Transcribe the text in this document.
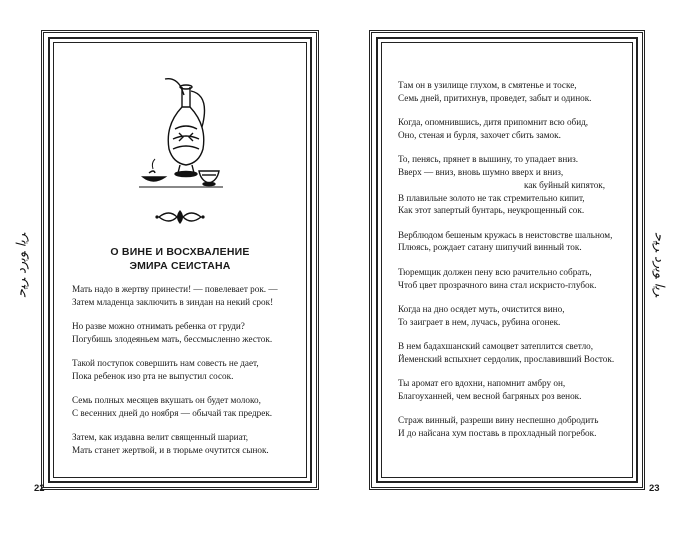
ﺮﻳﺍ ﻮﺑﺭﺩ ﺮﻴﺣ	О ВИНЕ И ВОСХВАЛЕНИЕ
ЭМИРА СЕИСТАНА
Мать надо в жертву принести! — повелевает рок. —
Затем младенца заключить в зиндан на некий срок!
Но разве можно отнимать ребенка от груди?
Погубишь злодеяньем мать, бессмысленно жесток.
Такой поступок совершить нам совесть не дает,
Пока ребенок изо рта не выпустил сосок.
Семь полных месяцев вкушать он будет молоко,
С весенних дней до ноября — обычай так предрек.
Затем, как издавна велит священный шариат,
Мать станет жертвой, и в тюрьме очутится сынок.
22
Там он в узилище глухом, в смятенье и тоске,
Семь дней, притихнув, проведет, забыт и одинок.
Когда, опомнившись, дитя припомнит всю обид,
Оно, стеная и бурля, захочет сбить замок.
То, пенясь, прянет в вышину, то упадает вниз.
Вверх — вниз, вновь шумно вверх и вниз,
как буйный кипяток,
В плавильне золото не так стремительно кипит,
Как этот запертый бунтарь, неукрощенный сок.
Верблюдом бешеным кружась в неистовстве шальном,
Плюясь, рождает сатану шипучий винный ток.
Тюремщик должен пену всю рачительно собрать,
Чтоб цвет прозрачного вина стал искристо-глубок.
Когда на дно осядет муть, очистится вино,
То заиграет в нем, лучась, рубина огонек.
В нем бадахшанский самоцвет затеплится светло,
Йеменский вспыхнет сердолик, прославивший Восток.
Ты аромат его вдохни, напомнит амбру он,
Благоуханней, чем весной багряных роз венок.
Страж винный, разреши вину неспешно добродить
И до найсана хум поставь в прохладный погребок.
23
ﺮﻳﺍ ﻮﺑﺭﺩ ﺮﻴﺣ
